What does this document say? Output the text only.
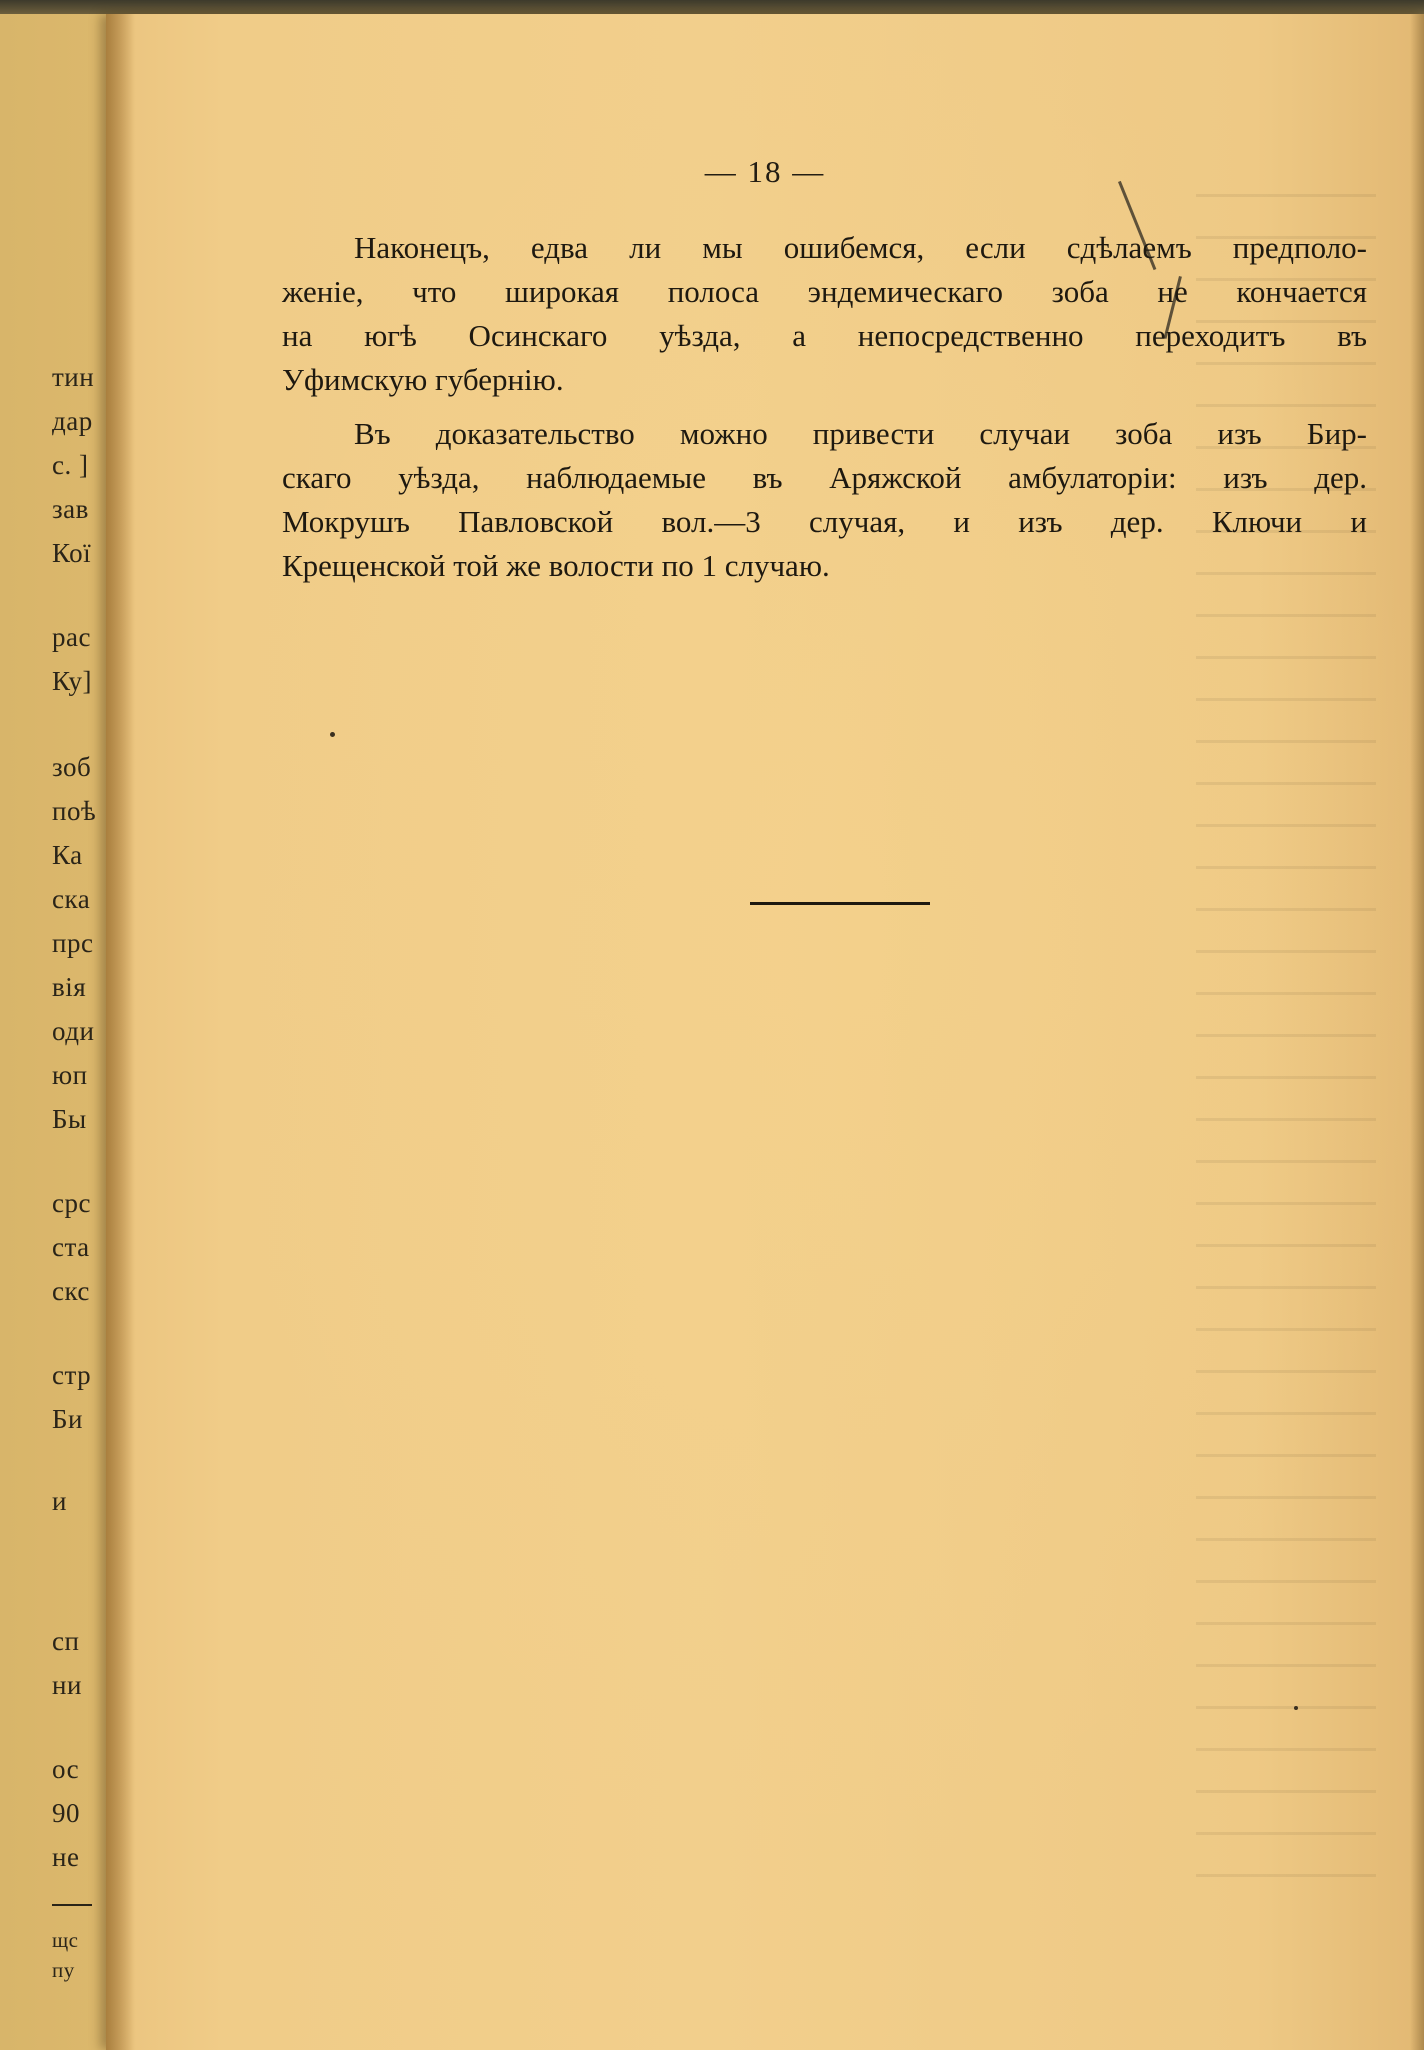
тин
дар
с. ]
зав
Кої
рас
Ку]
зоб
поѣ
Ка
ска
прс
вія
оди
юп
Бы
срс
ста
скс
стр
Би
и
сп
ни
ос
90
не
щс
пу
— 18 —
Наконецъ, едва ли мы ошибемся, если сдѣлаемъ предполо-
женіе, что широкая полоса эндемическаго зоба не кончается
на югѣ Осинскаго уѣзда, а непосредственно переходитъ въ
Уфимскую губернію.
Въ доказательство можно привести случаи зоба изъ Бир-
скаго уѣзда, наблюдаемые въ Аряжской амбулаторіи: изъ дер.
Мокрушъ Павловской вол.—3 случая, и изъ дер. Ключи и
Крещенской той же волости по 1 случаю.
